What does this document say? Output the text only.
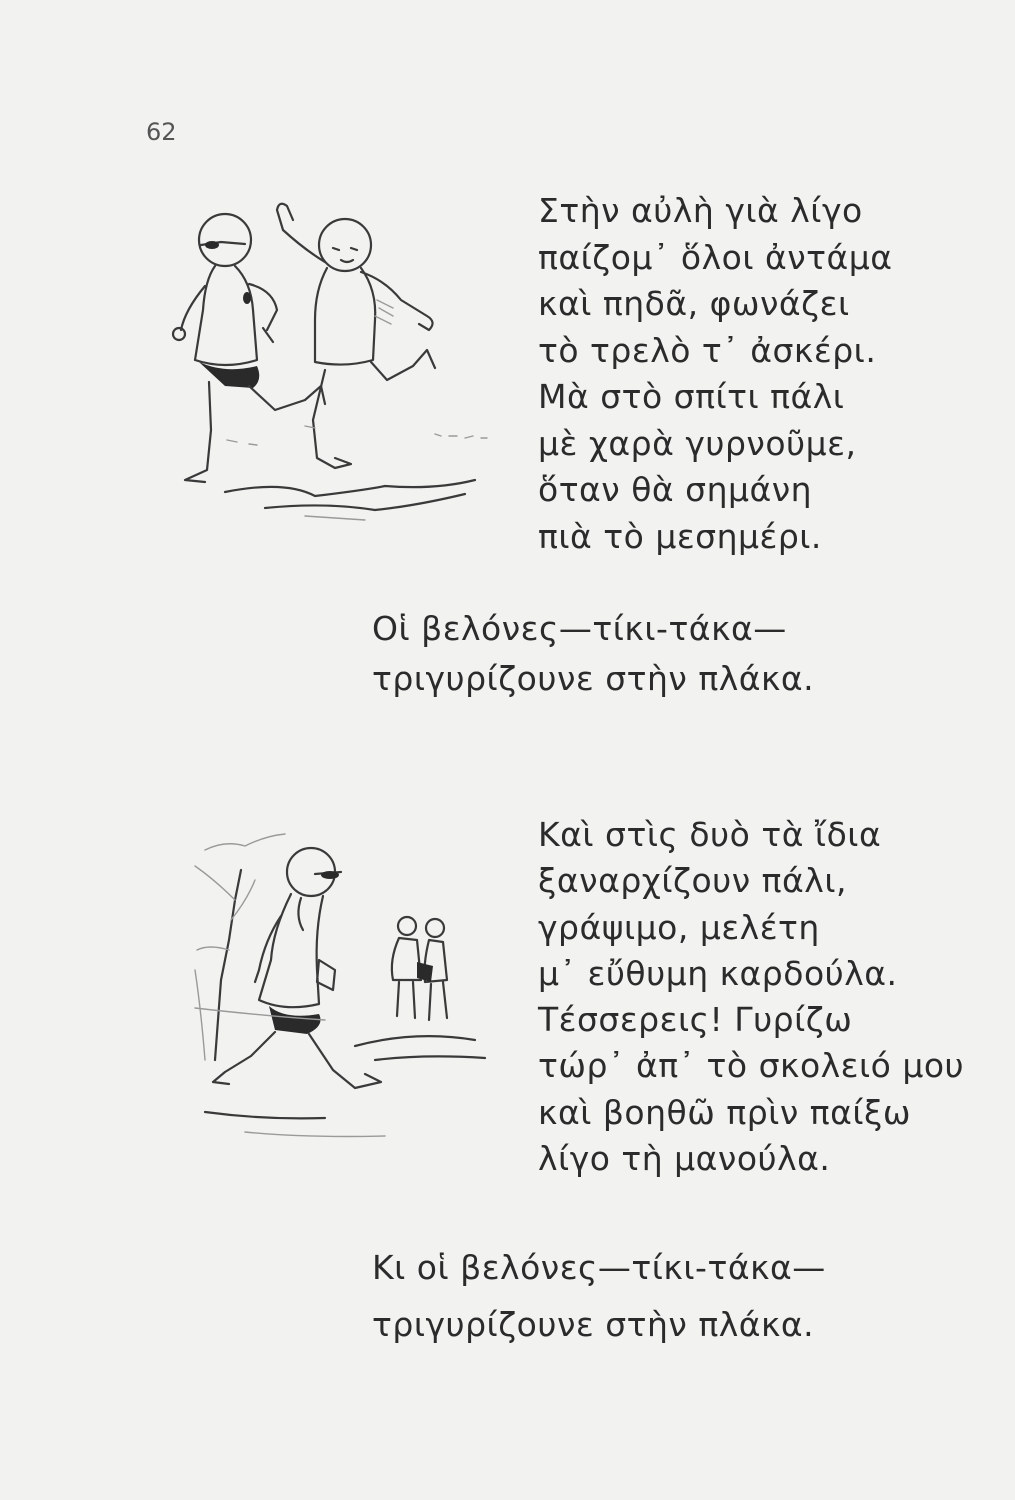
62
Στὴν αὐλὴ γιὰ λίγο
παίζομ᾽ ὅλοι ἀντάμα
καὶ πηδᾶ, φωνάζει
τὸ τρελὸ τ᾽ ἀσκέρι.
Μὰ στὸ σπίτι πάλι
μὲ χαρὰ γυρνοῦμε,
ὅταν θὰ σημάνη
πιὰ τὸ μεσημέρι.
Οἱ βελόνες—τίκι-τάκα—
τριγυρίζουνε στὴν πλάκα.
Καὶ στὶς δυὸ τὰ ἴδια
ξαναρχίζουν πάλι,
γράψιμο, μελέτη
μ᾽ εὔθυμη καρδούλα.
Τέσσερεις! Γυρίζω
τώρ᾽ ἀπ᾽ τὸ σκολειό μου
καὶ βοηθῶ πρὶν παίξω
λίγο τὴ μανούλα.
Κι οἱ βελόνες—τίκι-τάκα—
τριγυρίζουνε στὴν πλάκα.
